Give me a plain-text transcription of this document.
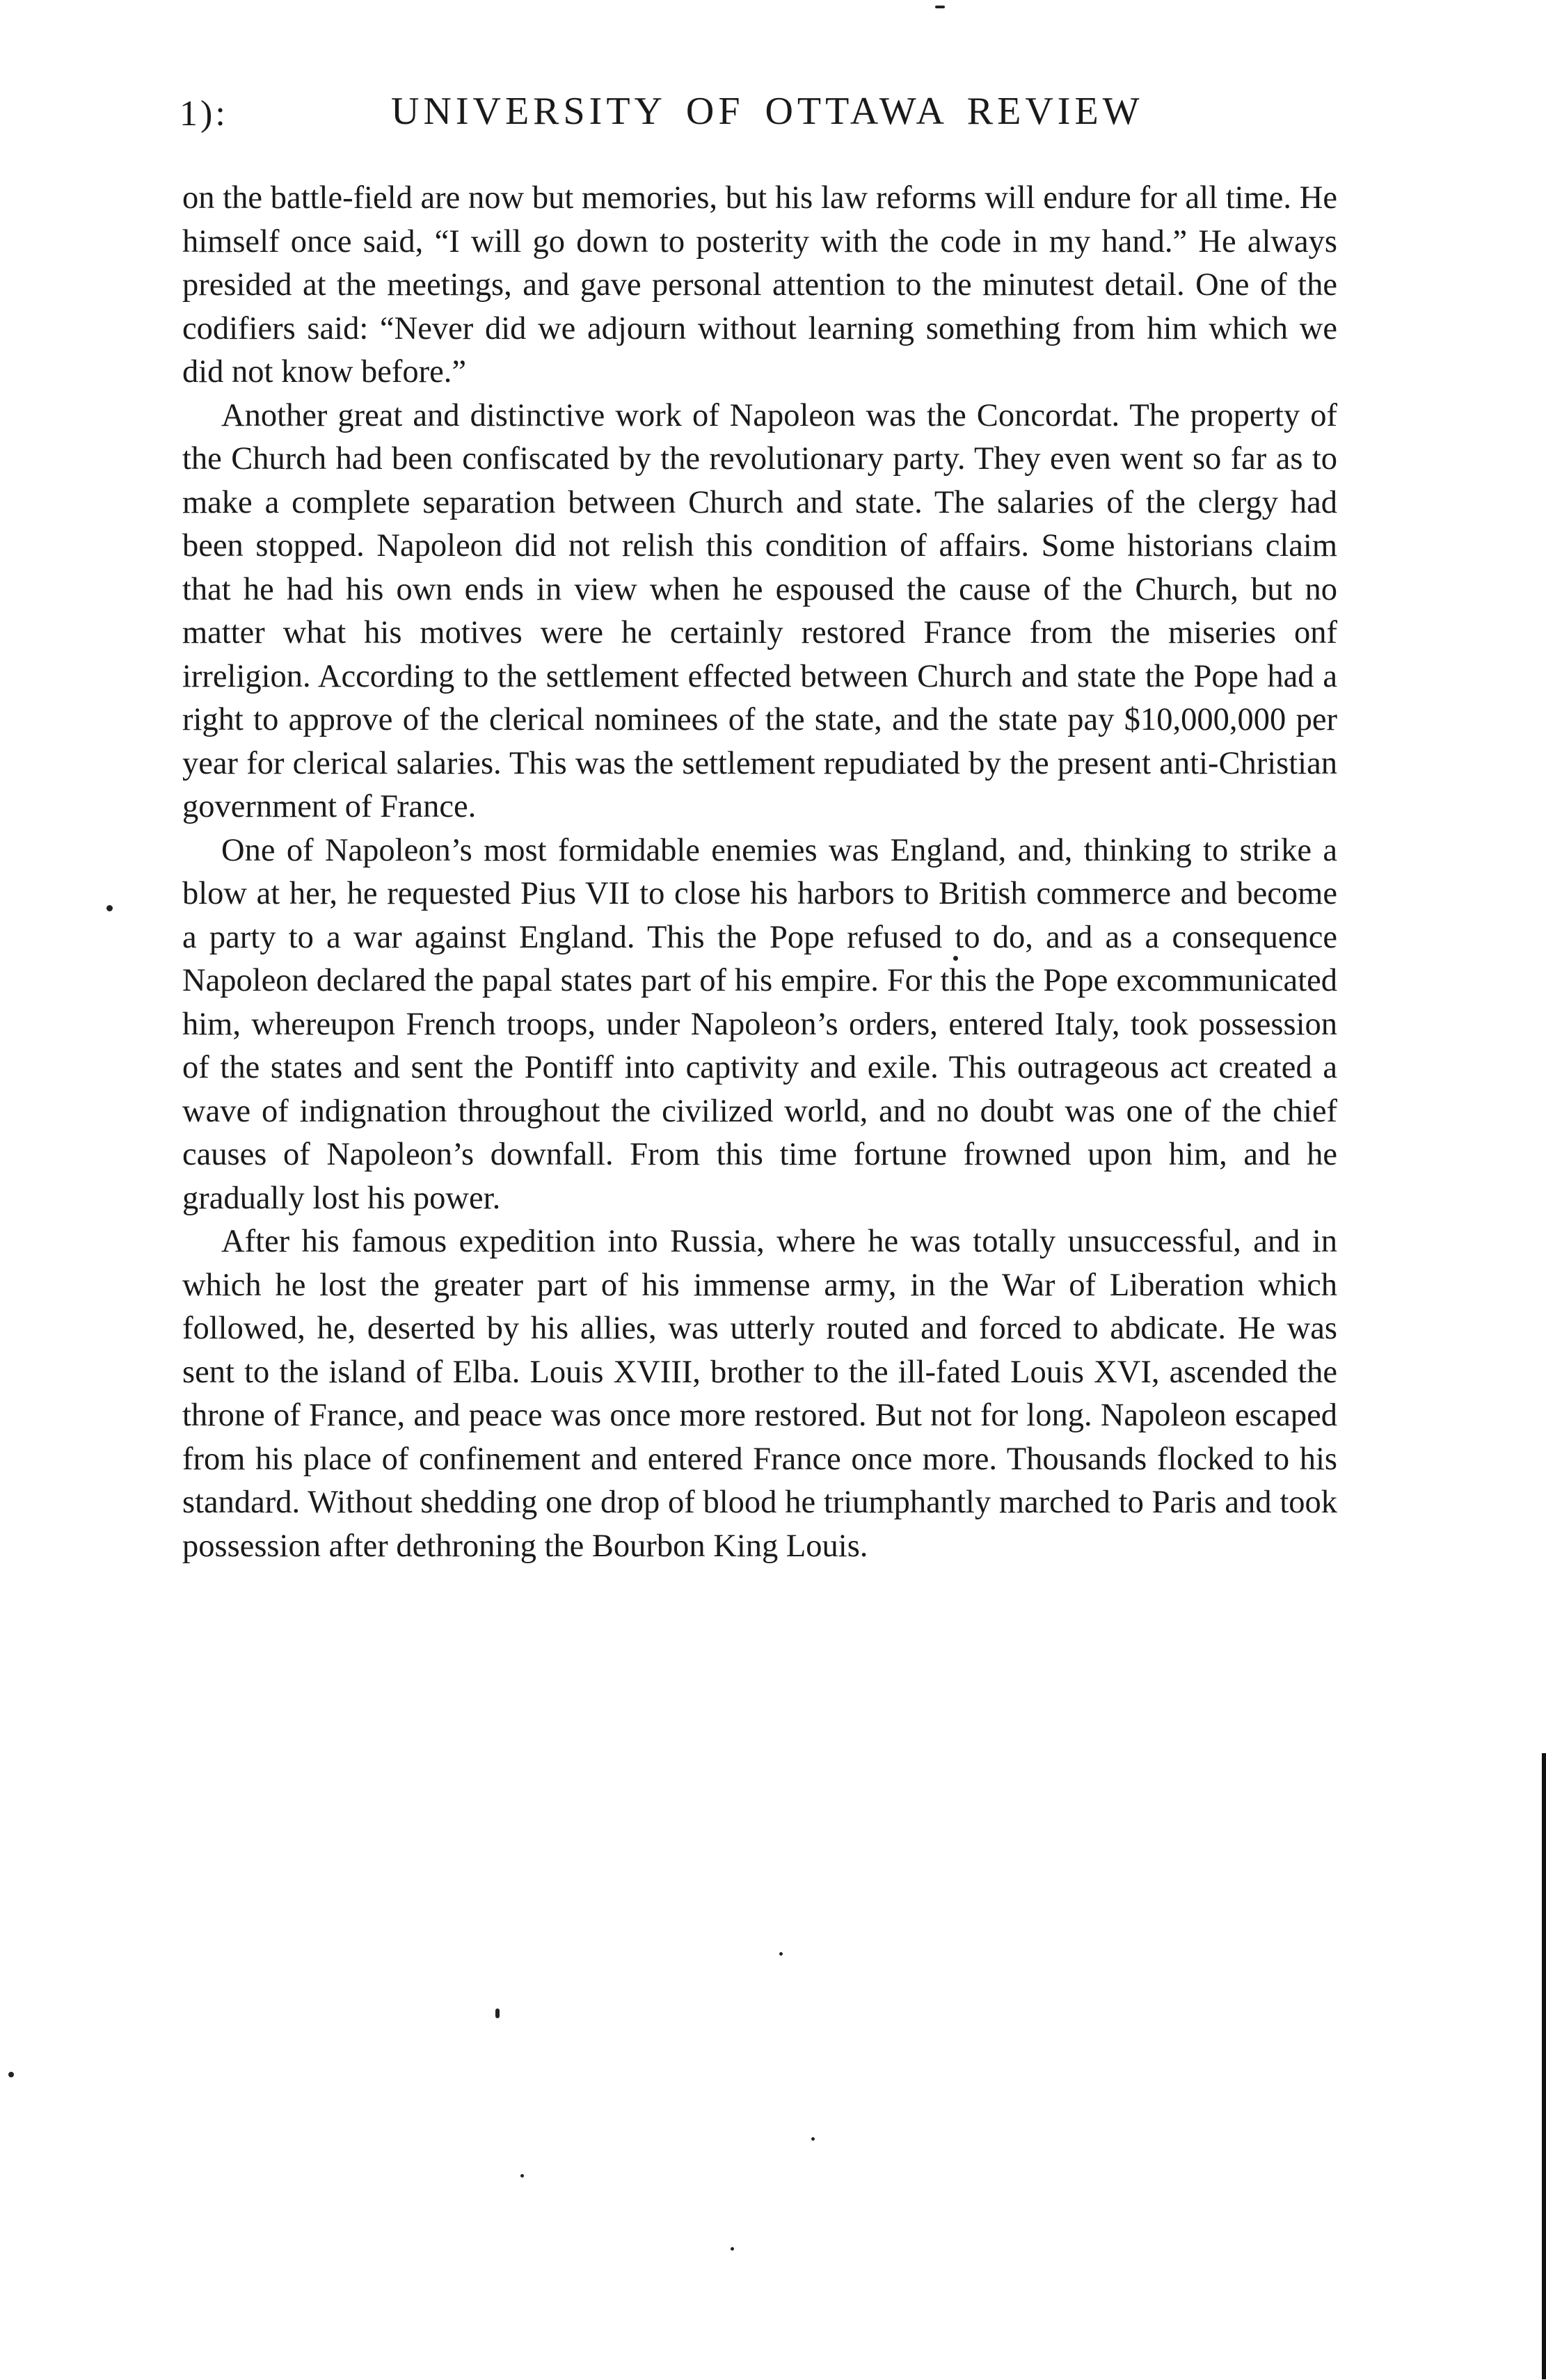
1):	UNIVERSITY OF OTTAWA REVIEW

on the battle-field are now but memories, but his law reforms will endure for all time. He himself once said, “I will go down to posterity with the code in my hand.” He always presided at the meetings, and gave personal attention to the minutest detail. One of the codifiers said: “Never did we adjourn without learning something from him which we did not know before.”

Another great and distinctive work of Napoleon was the Concordat. The property of the Church had been confiscated by the revolutionary party. They even went so far as to make a complete separation between Church and state. The salaries of the clergy had been stopped. Napoleon did not relish this condition of affairs. Some historians claim that he had his own ends in view when he espoused the cause of the Church, but no matter what his motives were he certainly restored France from the miseries onf irreligion. According to the settlement effected between Church and state the Pope had a right to approve of the clerical nominees of the state, and the state pay $10,000,000 per year for clerical salaries. This was the settlement repudiated by the present anti-Christian government of France.

One of Napoleon’s most formidable enemies was England, and, thinking to strike a blow at her, he requested Pius VII to close his harbors to British commerce and become a party to a war against England. This the Pope refused to do, and as a consequence Napoleon declared the papal states part of his empire. For this the Pope excommunicated him, whereupon French troops, under Napoleon’s orders, entered Italy, took possession of the states and sent the Pontiff into captivity and exile. This outrageous act created a wave of indignation throughout the civilized world, and no doubt was one of the chief causes of Napoleon’s downfall. From this time fortune frowned upon him, and he gradually lost his power.

After his famous expedition into Russia, where he was totally unsuccessful, and in which he lost the greater part of his immense army, in the War of Liberation which followed, he, deserted by his allies, was utterly routed and forced to abdicate. He was sent to the island of Elba. Louis XVIII, brother to the ill-fated Louis XVI, ascended the throne of France, and peace was once more restored. But not for long. Napoleon escaped from his place of confinement and entered France once more. Thousands flocked to his standard. Without shedding one drop of blood he triumphantly marched to Paris and took possession after dethroning the Bourbon King Louis.
